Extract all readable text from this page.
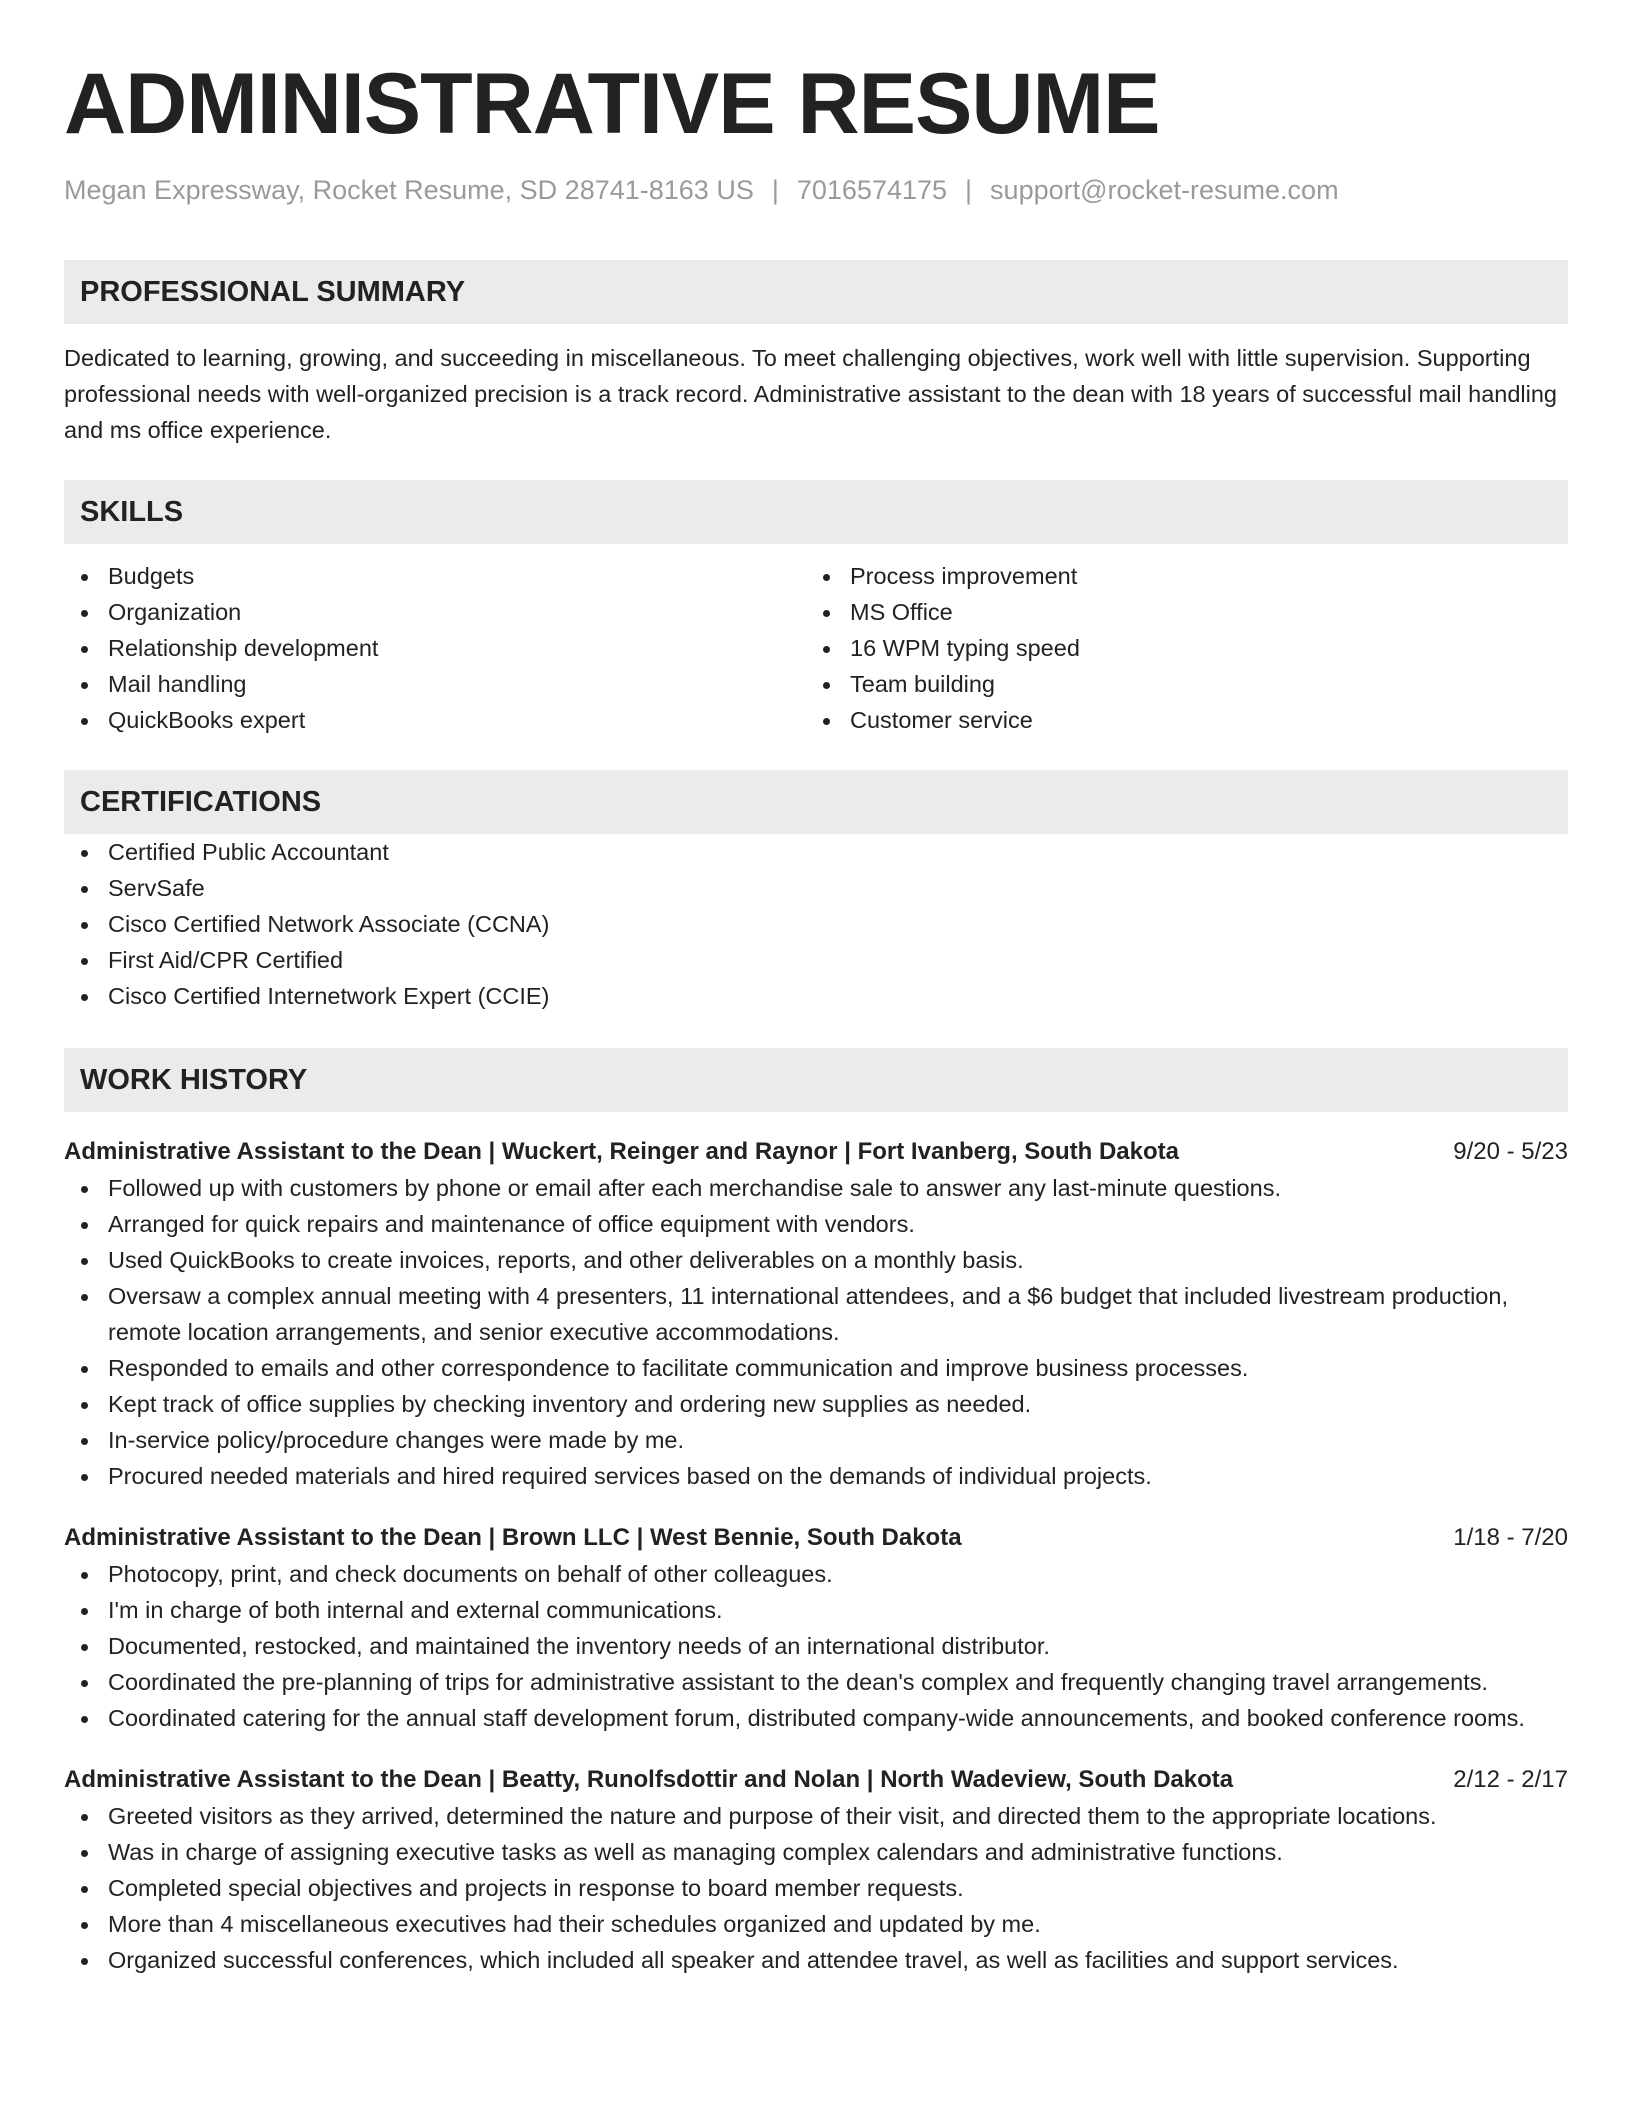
ADMINISTRATIVE RESUME
Megan Expressway, Rocket Resume, SD 28741-8163 US | 7016574175 | support@rocket-resume.com
PROFESSIONAL SUMMARY

Dedicated to learning, growing, and succeeding in miscellaneous. To meet challenging objectives, work well with little supervision. Supporting professional needs with well-organized precision is a track record. Administrative assistant to the dean with 18 years of successful mail handling and ms office experience.

SKILLS
Budgets
Organization
Relationship development
Mail handling
QuickBooks expert
Process improvement
MS Office
16 WPM typing speed
Team building
Customer service
CERTIFICATIONS
Certified Public Accountant
ServSafe
Cisco Certified Network Associate (CCNA)
First Aid/CPR Certified
Cisco Certified Internetwork Expert (CCIE)
WORK HISTORY
Administrative Assistant to the Dean | Wuckert, Reinger and Raynor | Fort Ivanberg, South Dakota	9/20 - 5/23
Followed up with customers by phone or email after each merchandise sale to answer any last-minute questions.
Arranged for quick repairs and maintenance of office equipment with vendors.
Used QuickBooks to create invoices, reports, and other deliverables on a monthly basis.
Oversaw a complex annual meeting with 4 presenters, 11 international attendees, and a $6 budget that included livestream production, remote location arrangements, and senior executive accommodations.
Responded to emails and other correspondence to facilitate communication and improve business processes.
Kept track of office supplies by checking inventory and ordering new supplies as needed.
In-service policy/procedure changes were made by me.
Procured needed materials and hired required services based on the demands of individual projects.
Administrative Assistant to the Dean | Brown LLC | West Bennie, South Dakota	1/18 - 7/20
Photocopy, print, and check documents on behalf of other colleagues.
I'm in charge of both internal and external communications.
Documented, restocked, and maintained the inventory needs of an international distributor.
Coordinated the pre-planning of trips for administrative assistant to the dean's complex and frequently changing travel arrangements.
Coordinated catering for the annual staff development forum, distributed company-wide announcements, and booked conference rooms.
Administrative Assistant to the Dean | Beatty, Runolfsdottir and Nolan | North Wadeview, South Dakota	2/12 - 2/17
Greeted visitors as they arrived, determined the nature and purpose of their visit, and directed them to the appropriate locations.
Was in charge of assigning executive tasks as well as managing complex calendars and administrative functions.
Completed special objectives and projects in response to board member requests.
More than 4 miscellaneous executives had their schedules organized and updated by me.
Organized successful conferences, which included all speaker and attendee travel, as well as facilities and support services.
